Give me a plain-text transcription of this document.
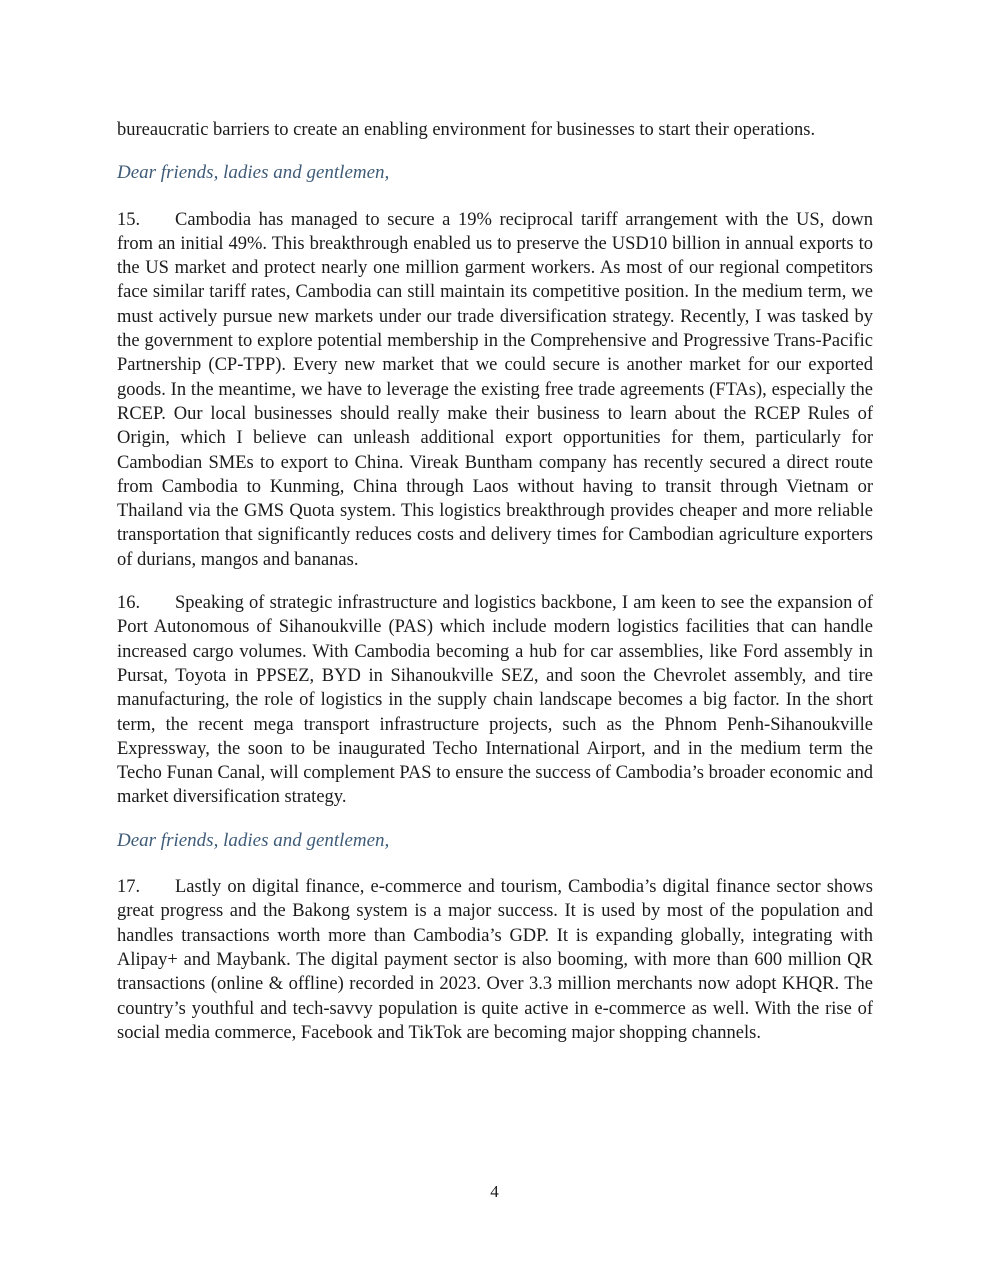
bureaucratic barriers to create an enabling environment for businesses to start their operations.

Dear friends, ladies and gentlemen,

15. Cambodia has managed to secure a 19% reciprocal tariff arrangement with the US, down from an initial 49%. This breakthrough enabled us to preserve the USD10 billion in annual exports to the US market and protect nearly one million garment workers. As most of our regional competitors face similar tariff rates, Cambodia can still maintain its competitive position. In the medium term, we must actively pursue new markets under our trade diversification strategy. Recently, I was tasked by the government to explore potential membership in the Comprehensive and Progressive Trans-Pacific Partnership (CP-TPP). Every new market that we could secure is another market for our exported goods. In the meantime, we have to leverage the existing free trade agreements (FTAs), especially the RCEP. Our local businesses should really make their business to learn about the RCEP Rules of Origin, which I believe can unleash additional export opportunities for them, particularly for Cambodian SMEs to export to China. Vireak Buntham company has recently secured a direct route from Cambodia to Kunming, China through Laos without having to transit through Vietnam or Thailand via the GMS Quota system. This logistics breakthrough provides cheaper and more reliable transportation that significantly reduces costs and delivery times for Cambodian agriculture exporters of durians, mangos and bananas.

16. Speaking of strategic infrastructure and logistics backbone, I am keen to see the expansion of Port Autonomous of Sihanoukville (PAS) which include modern logistics facilities that can handle increased cargo volumes. With Cambodia becoming a hub for car assemblies, like Ford assembly in Pursat, Toyota in PPSEZ, BYD in Sihanoukville SEZ, and soon the Chevrolet assembly, and tire manufacturing, the role of logistics in the supply chain landscape becomes a big factor. In the short term, the recent mega transport infrastructure projects, such as the Phnom Penh-Sihanoukville Expressway, the soon to be inaugurated Techo International Airport, and in the medium term the Techo Funan Canal, will complement PAS to ensure the success of Cambodia’s broader economic and market diversification strategy.

Dear friends, ladies and gentlemen,

17. Lastly on digital finance, e-commerce and tourism, Cambodia’s digital finance sector shows great progress and the Bakong system is a major success. It is used by most of the population and handles transactions worth more than Cambodia’s GDP. It is expanding globally, integrating with Alipay+ and Maybank. The digital payment sector is also booming, with more than 600 million QR transactions (online & offline) recorded in 2023. Over 3.3 million merchants now adopt KHQR. The country’s youthful and tech-savvy population is quite active in e-commerce as well. With the rise of social media commerce, Facebook and TikTok are becoming major shopping channels.

4
